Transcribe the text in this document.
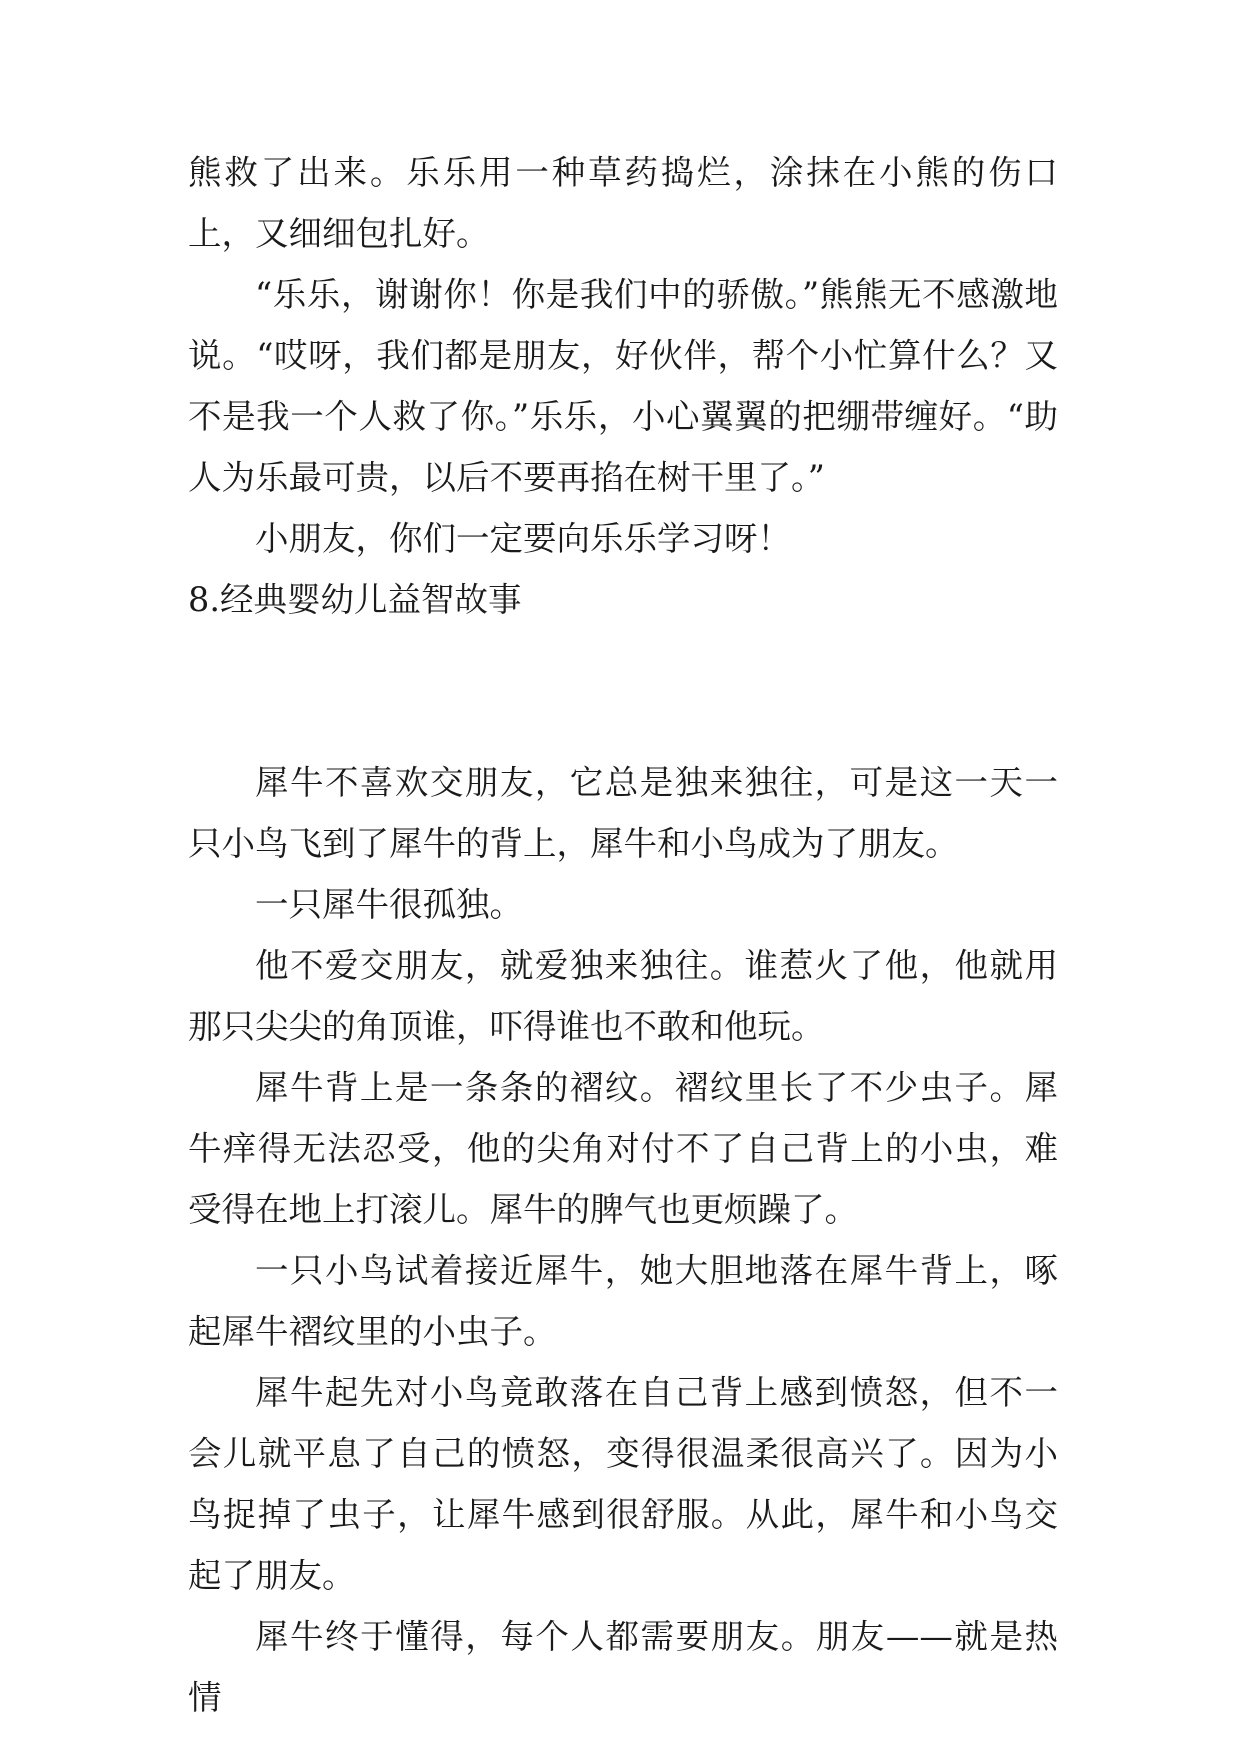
熊救了出来。乐乐用一种草药捣烂，涂抹在小熊的伤口上，又细细包扎好。

“乐乐，谢谢你！你是我们中的骄傲。”熊熊无不感激地说。“哎呀，我们都是朋友，好伙伴，帮个小忙算什么？又不是我一个人救了你。”乐乐，小心翼翼的把绷带缠好。“助人为乐最可贵，以后不要再掐在树干里了。”

小朋友，你们一定要向乐乐学习呀！

8.经典婴幼儿益智故事

犀牛不喜欢交朋友，它总是独来独往，可是这一天一只小鸟飞到了犀牛的背上，犀牛和小鸟成为了朋友。

一只犀牛很孤独。

他不爱交朋友，就爱独来独往。谁惹火了他，他就用那只尖尖的角顶谁，吓得谁也不敢和他玩。

犀牛背上是一条条的褶纹。褶纹里长了不少虫子。犀牛痒得无法忍受，他的尖角对付不了自己背上的小虫，难受得在地上打滚儿。犀牛的脾气也更烦躁了。

一只小鸟试着接近犀牛，她大胆地落在犀牛背上，啄起犀牛褶纹里的小虫子。

犀牛起先对小鸟竟敢落在自己背上感到愤怒，但不一会儿就平息了自己的愤怒，变得很温柔很高兴了。因为小鸟捉掉了虫子，让犀牛感到很舒服。从此，犀牛和小鸟交起了朋友。

犀牛终于懂得，每个人都需要朋友。朋友——就是热情
